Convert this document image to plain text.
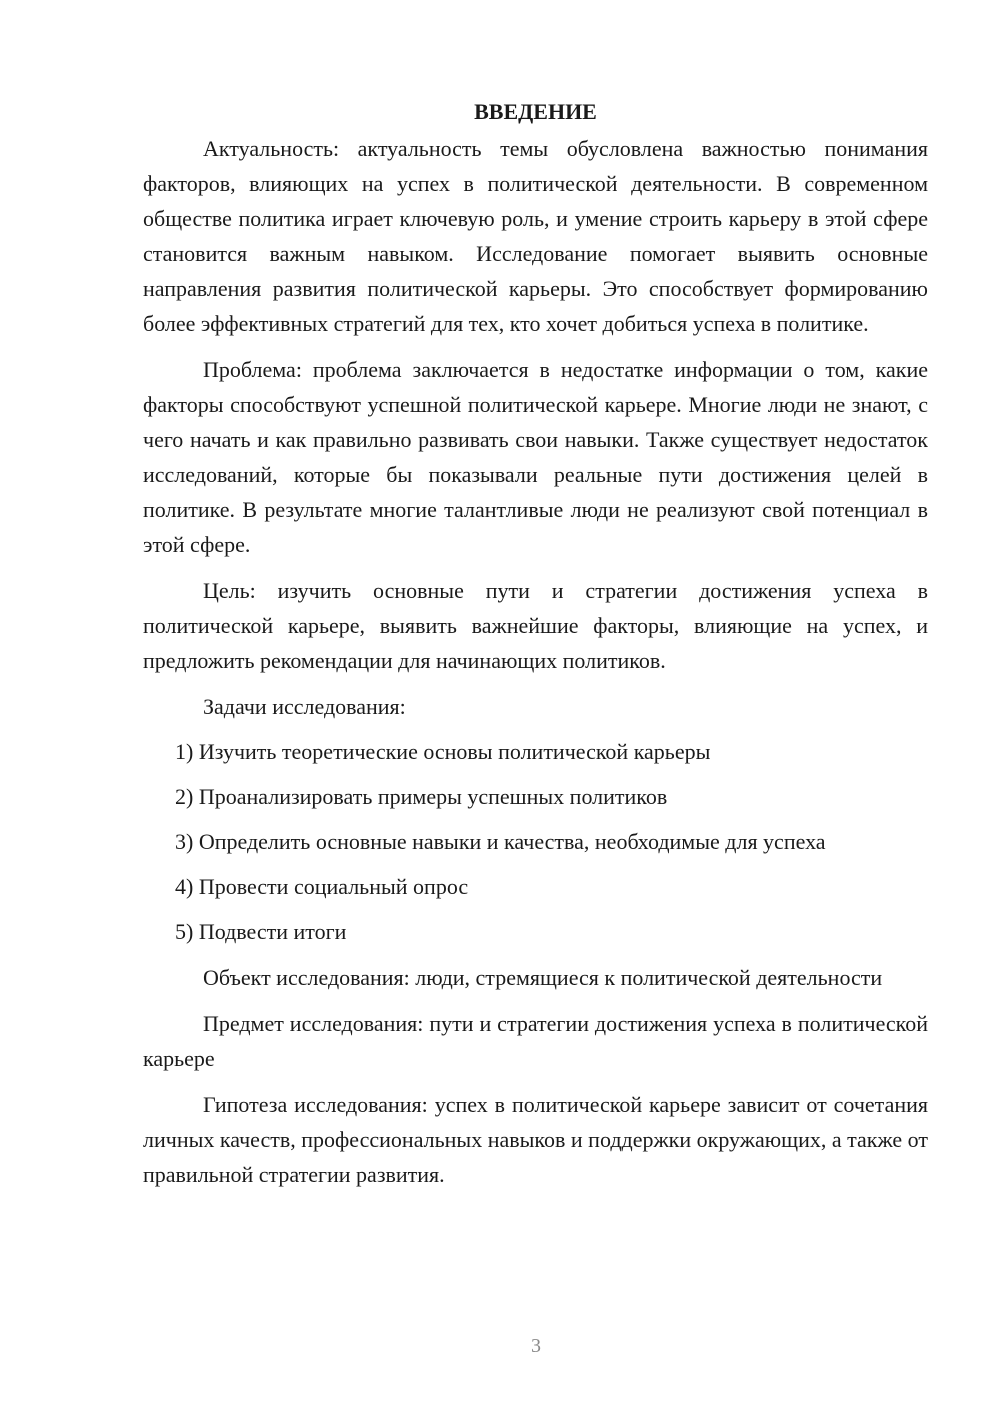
ВВЕДЕНИЕ

Актуальность: актуальность темы обусловлена важностью понимания факторов, влияющих на успех в политической деятельности. В современном обществе политика играет ключевую роль, и умение строить карьеру в этой сфере становится важным навыком. Исследование помогает выявить основные направления развития политической карьеры. Это способствует формированию более эффективных стратегий для тех, кто хочет добиться успеха в политике.

Проблема: проблема заключается в недостатке информации о том, какие факторы способствуют успешной политической карьере. Многие люди не знают, с чего начать и как правильно развивать свои навыки. Также существует недостаток исследований, которые бы показывали реальные пути достижения целей в политике. В результате многие талантливые люди не реализуют свой потенциал в этой сфере.

Цель: изучить основные пути и стратегии достижения успеха в политической карьере, выявить важнейшие факторы, влияющие на успех, и предложить рекомендации для начинающих политиков.

Задачи исследования:

1) Изучить теоретические основы политической карьеры
2) Проанализировать примеры успешных политиков
3) Определить основные навыки и качества, необходимые для успеха
4) Провести социальный опрос
5) Подвести итоги

Объект исследования: люди, стремящиеся к политической деятельности

Предмет исследования: пути и стратегии достижения успеха в политической карьере

Гипотеза исследования: успех в политической карьере зависит от сочетания личных качеств, профессиональных навыков и поддержки окружающих, а также от правильной стратегии развития.

3
